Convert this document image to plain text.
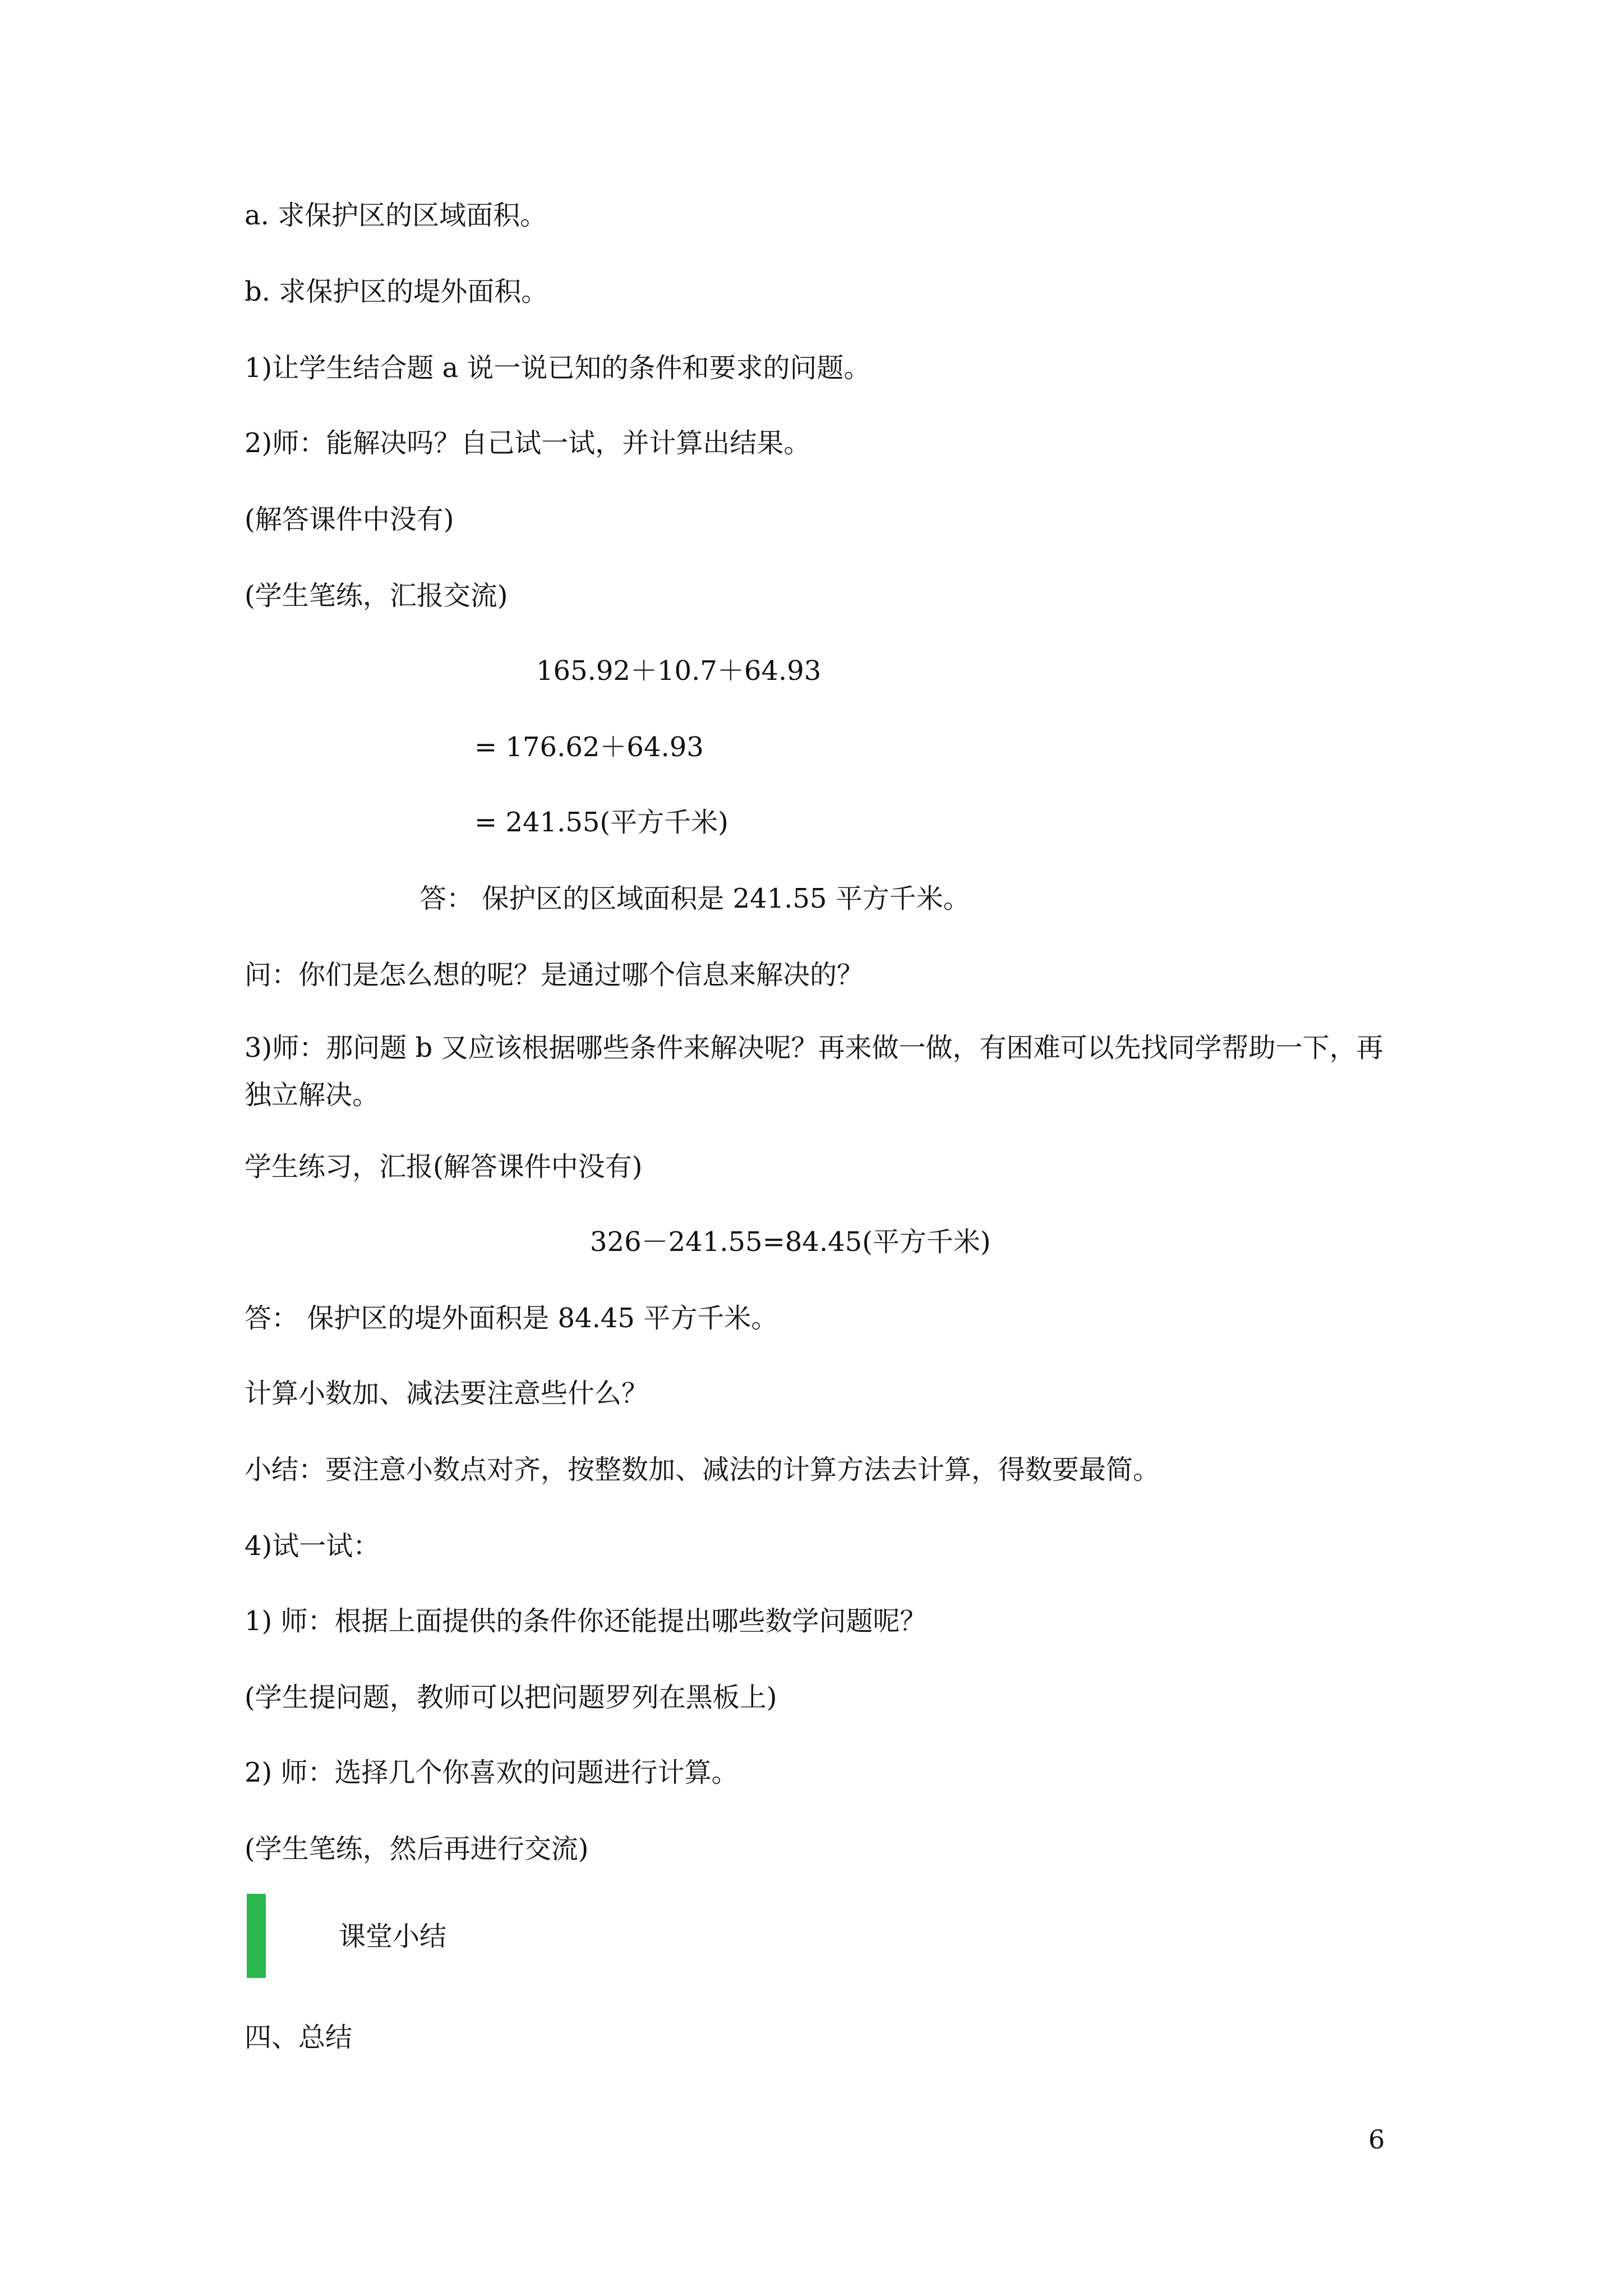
a. 求保护区的区域面积。
b. 求保护区的堤外面积。
1)让学生结合题 a 说一说已知的条件和要求的问题。
2)师：能解决吗？自己试一试，并计算出结果。
(解答课件中没有)
(学生笔练，汇报交流)
165.92＋10.7＋64.93
= 176.62＋64.93
= 241.55(平方千米)
答： 保护区的区域面积是 241.55 平方千米。
问：你们是怎么想的呢？是通过哪个信息来解决的？
3)师：那问题 b 又应该根据哪些条件来解决呢？再来做一做，有困难可以先找同学帮助一下，再独立解决。
学生练习，汇报(解答课件中没有)
326－241.55=84.45(平方千米)
答： 保护区的堤外面积是 84.45 平方千米。
计算小数加、减法要注意些什么？
小结：要注意小数点对齐，按整数加、减法的计算方法去计算，得数要最简。
4)试一试：
1) 师：根据上面提供的条件你还能提出哪些数学问题呢？
(学生提问题，教师可以把问题罗列在黑板上)
2) 师：选择几个你喜欢的问题进行计算。
(学生笔练，然后再进行交流)
课堂小结
四、总结
6
